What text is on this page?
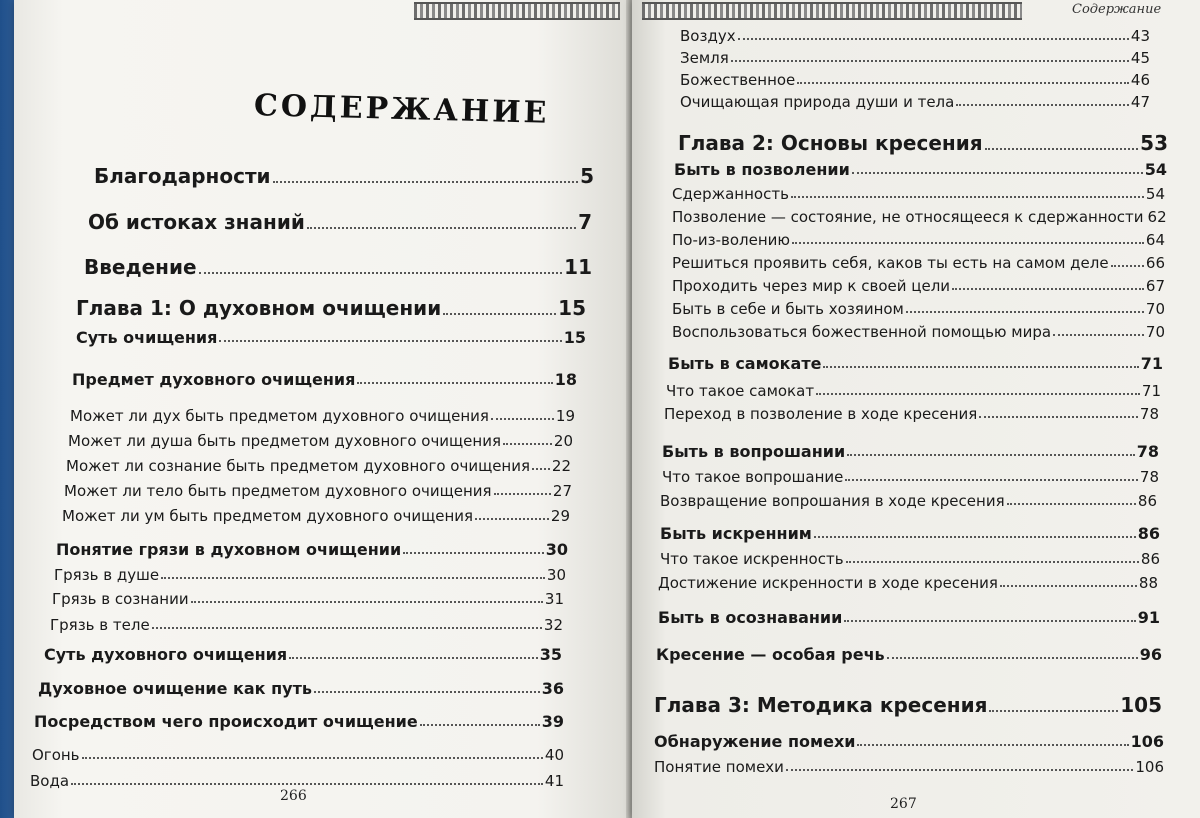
СОДЕРЖАНИЕ
Благодарности	5
Об истоках знаний	7
Введение	11
Глава 1: О духовном очищении	15
Суть очищения	15
Предмет духовного очищения	18
Может ли дух быть предметом духовного очищения	19
Может ли душа быть предметом духовного очищения	20
Может ли сознание быть предметом духовного очищения 22
Может ли тело быть предметом духовного очищения	27
Может ли ум быть предметом духовного очищения	29
Понятие грязи в духовном очищении	30
Грязь в душе	30
Грязь в сознании	31
Грязь в теле	32
Суть духовного очищения	35
Духовное очищение как путь	36
Посредством чего происходит очищение	39
Огонь	40
Вода	41
266
Содержание
Воздух	43
Земля	45
Божественное	46
Очищающая природа души и тела	47
Глава 2: Основы кресения	53
Быть в позволении	54
Сдержанность	54
Позволение — состояние, не относящееся к сдержанности 62
По-из-волению	64
Решиться проявить себя, каков ты есть на самом деле 66
Проходить через мир к своей цели	67
Быть в себе и быть хозяином	70
Воспользоваться божественной помощью мира	70
Быть в самокате	71
Что такое самокат	71
Переход в позволение в ходе кресения	78
Быть в вопрошании	78
Что такое вопрошание	78
Возвращение вопрошания в ходе кресения	86
Быть искренним	86
Что такое искренность	86
Достижение искренности в ходе кресения	88
Быть в осознавании	91
Кресение — особая речь	96
Глава 3: Методика кресения	105
Обнаружение помехи	106
Понятие помехи	106
267
